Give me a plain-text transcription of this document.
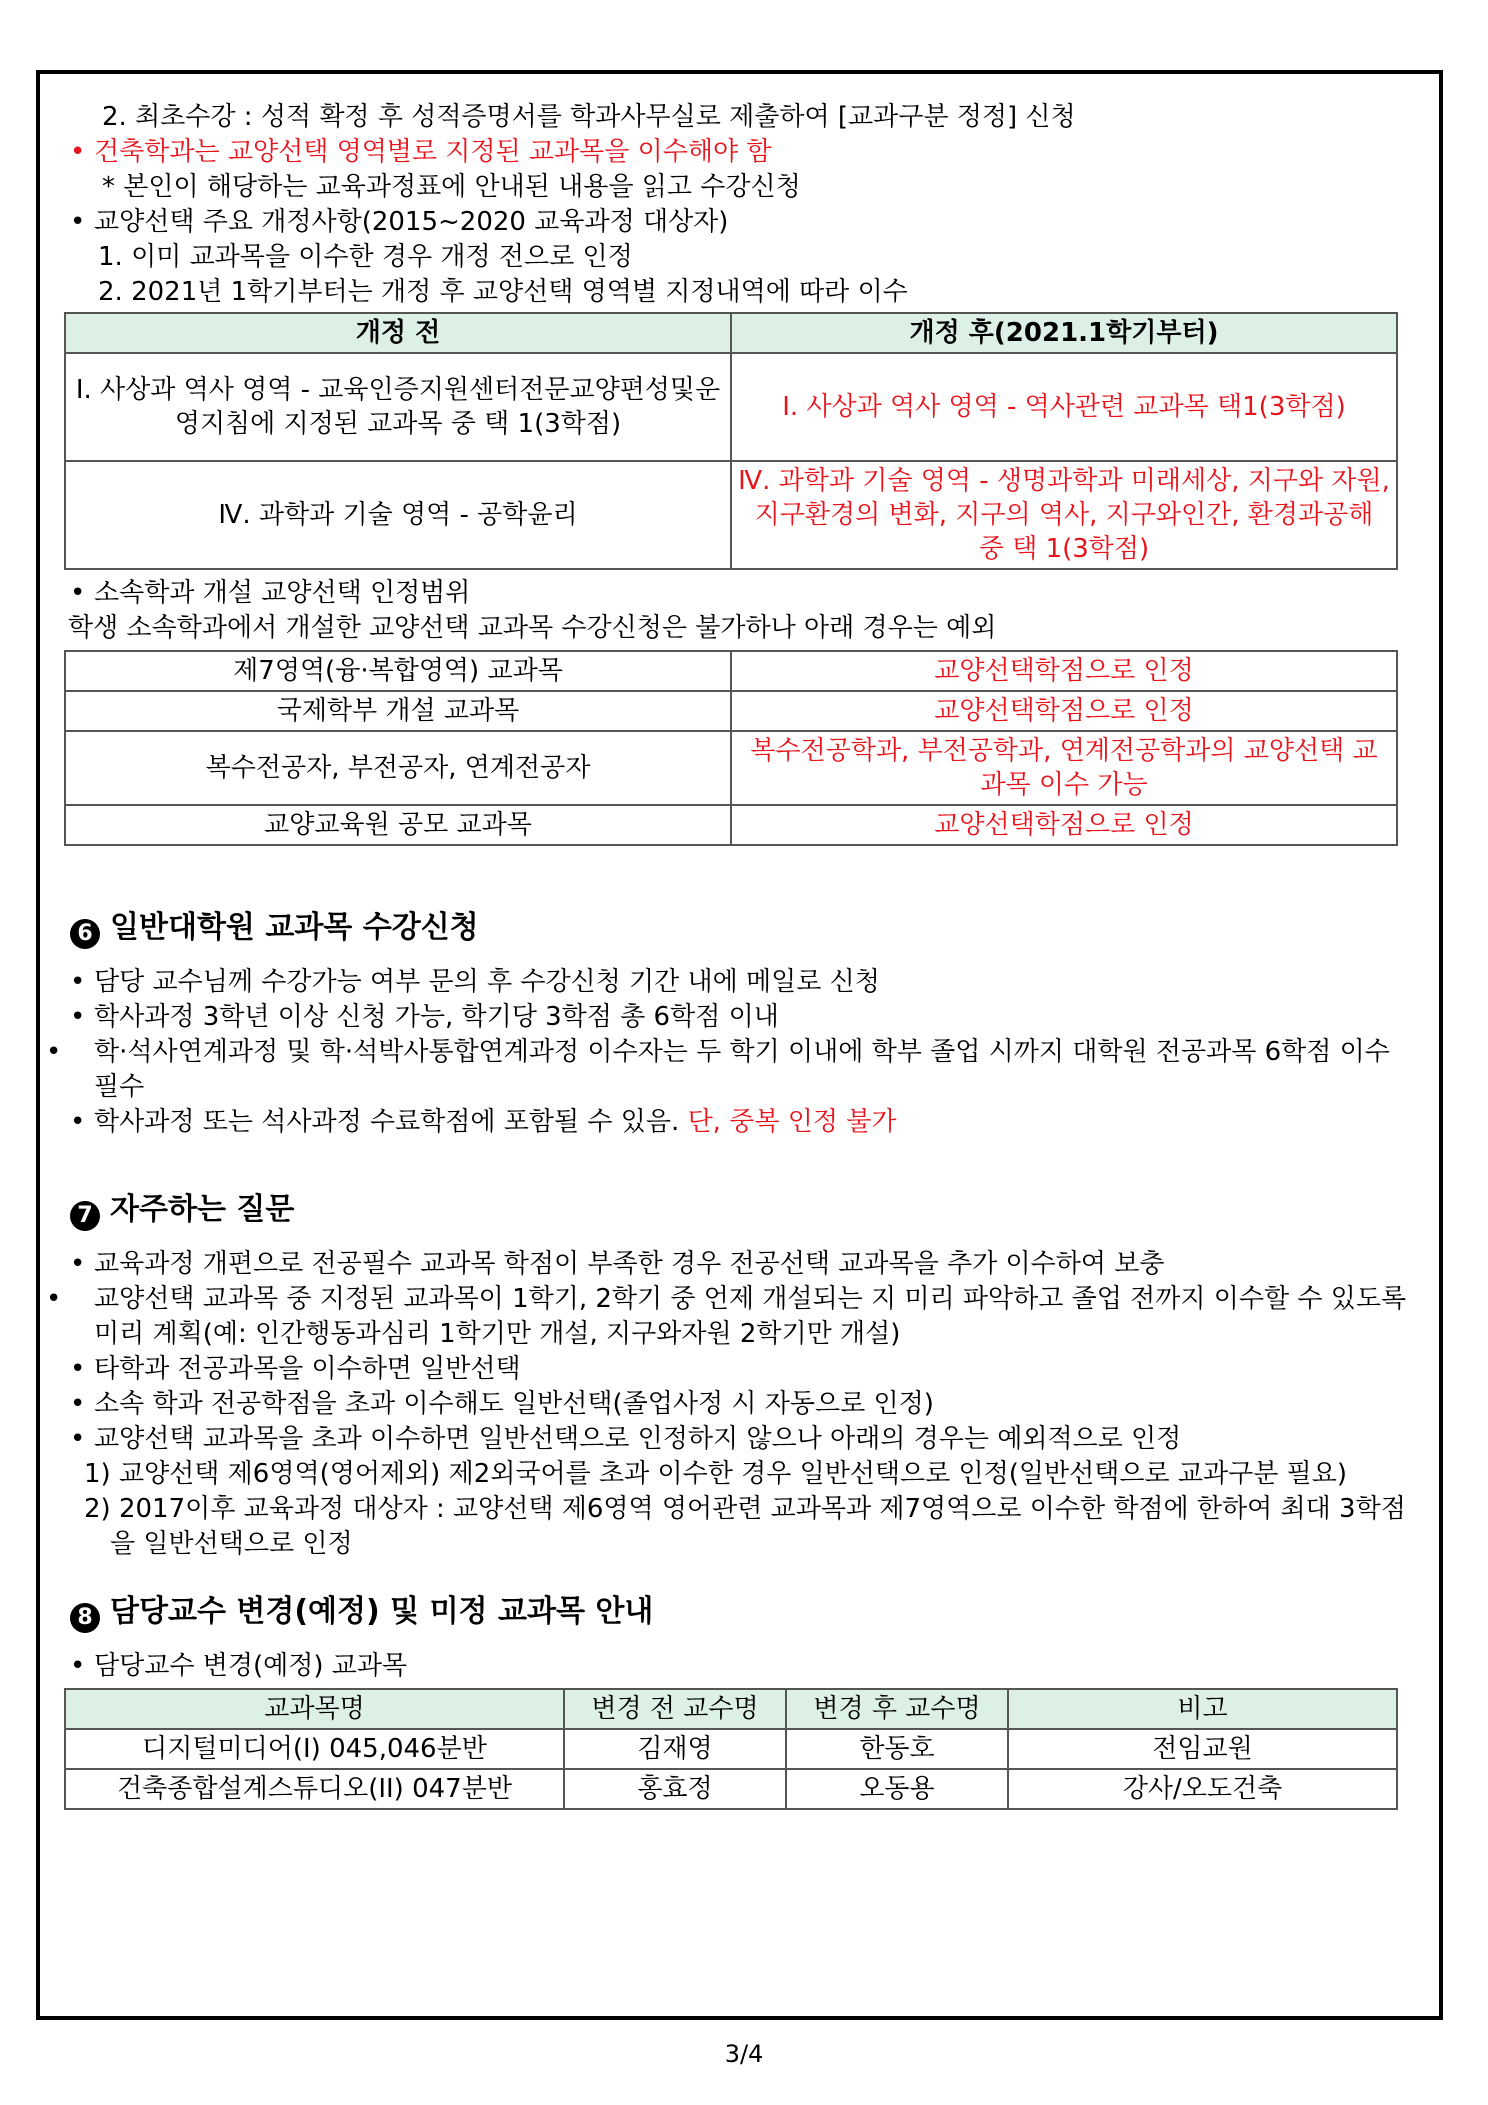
2. 최초수강 : 성적 확정 후 성적증명서를 학과사무실로 제출하여 [교과구분 정정] 신청
• 건축학과는 교양선택 영역별로 지정된 교과목을 이수해야 함
* 본인이 해당하는 교육과정표에 안내된 내용을 읽고 수강신청
• 교양선택 주요 개정사항(2015~2020 교육과정 대상자)
1. 이미 교과목을 이수한 경우 개정 전으로 인정
2. 2021년 1학기부터는 개정 후 교양선택 영역별 지정내역에 따라 이수
개정 전	개정 후(2021.1학기부터)
Ⅰ. 사상과 역사 영역 - 교육인증지원센터전문교양편성및운영지침에 지정된 교과목 중 택 1(3학점)	Ⅰ. 사상과 역사 영역 - 역사관련 교과목 택1(3학점)
Ⅳ. 과학과 기술 영역 - 공학윤리	Ⅳ. 과학과 기술 영역 - 생명과학과 미래세상, 지구와 자원, 지구환경의 변화, 지구의 역사, 지구와인간, 환경과공해 중 택 1(3학점)
• 소속학과 개설 교양선택 인정범위
학생 소속학과에서 개설한 교양선택 교과목 수강신청은 불가하나 아래 경우는 예외
제7영역(융·복합영역) 교과목	교양선택학점으로 인정
국제학부 개설 교과목	교양선택학점으로 인정
복수전공자, 부전공자, 연계전공자	복수전공학과, 부전공학과, 연계전공학과의 교양선택 교과목 이수 가능
교양교육원 공모 교과목	교양선택학점으로 인정
6 일반대학원 교과목 수강신청
• 담당 교수님께 수강가능 여부 문의 후 수강신청 기간 내에 메일로 신청
• 학사과정 3학년 이상 신청 가능, 학기당 3학점 총 6학점 이내
• 학·석사연계과정 및 학·석박사통합연계과정 이수자는 두 학기 이내에 학부 졸업 시까지 대학원 전공과목 6학점 이수 필수
• 학사과정 또는 석사과정 수료학점에 포함될 수 있음. 단, 중복 인정 불가
7 자주하는 질문
• 교육과정 개편으로 전공필수 교과목 학점이 부족한 경우 전공선택 교과목을 추가 이수하여 보충
• 교양선택 교과목 중 지정된 교과목이 1학기, 2학기 중 언제 개설되는 지 미리 파악하고 졸업 전까지 이수할 수 있도록 미리 계획(예: 인간행동과심리 1학기만 개설, 지구와자원 2학기만 개설)
• 타학과 전공과목을 이수하면 일반선택
• 소속 학과 전공학점을 초과 이수해도 일반선택(졸업사정 시 자동으로 인정)
• 교양선택 교과목을 초과 이수하면 일반선택으로 인정하지 않으나 아래의 경우는 예외적으로 인정
1) 교양선택 제6영역(영어제외) 제2외국어를 초과 이수한 경우 일반선택으로 인정(일반선택으로 교과구분 필요)
2) 2017이후 교육과정 대상자 : 교양선택 제6영역 영어관련 교과목과 제7영역으로 이수한 학점에 한하여 최대 3학점을 일반선택으로 인정
8 담당교수 변경(예정) 및 미정 교과목 안내
• 담당교수 변경(예정) 교과목
교과목명	변경 전 교수명	변경 후 교수명	비고
디지털미디어(I) 045,046분반	김재영	한동호	전임교원
건축종합설계스튜디오(II) 047분반	홍효정	오동용	강사/오도건축
3/4
